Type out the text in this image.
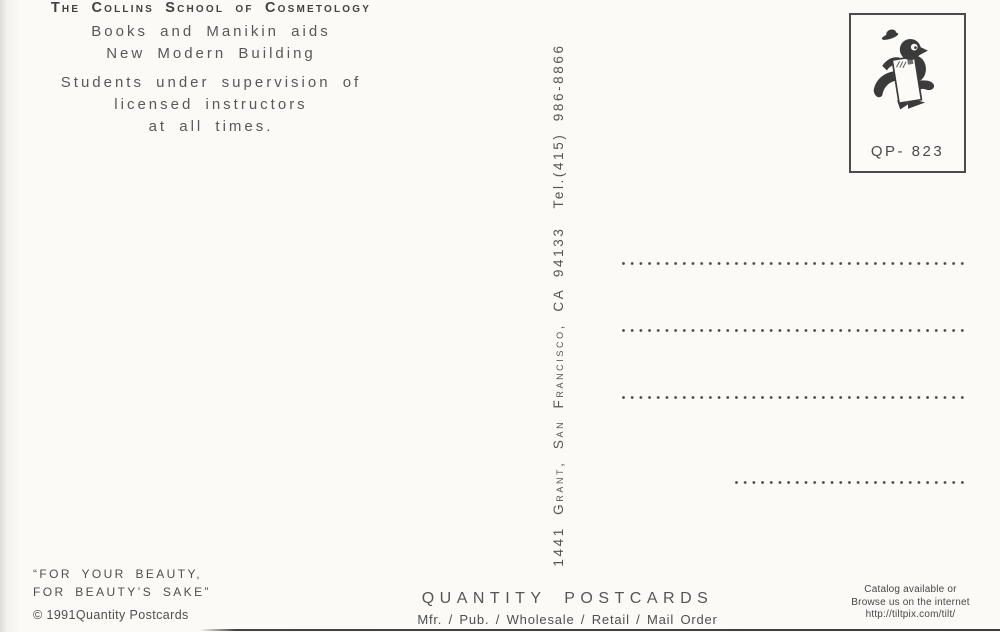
The Collins School of Cosmetology
Books and Manikin aids
New Modern Building
Students under supervision of
licensed instructors
at all times.
1441 Grant, San Francisco, CA 94133Tel.(415) 986-8866	QP- 823
“FOR YOUR BEAUTY,
FOR BEAUTY’S SAKE”
© 1991Quantity Postcards
QUANTITY POSTCARDS
Mfr. / Pub. / Wholesale / Retail / Mail Order
Catalog available or
Browse us on the internet
http://tiltpix.com/tilt/
